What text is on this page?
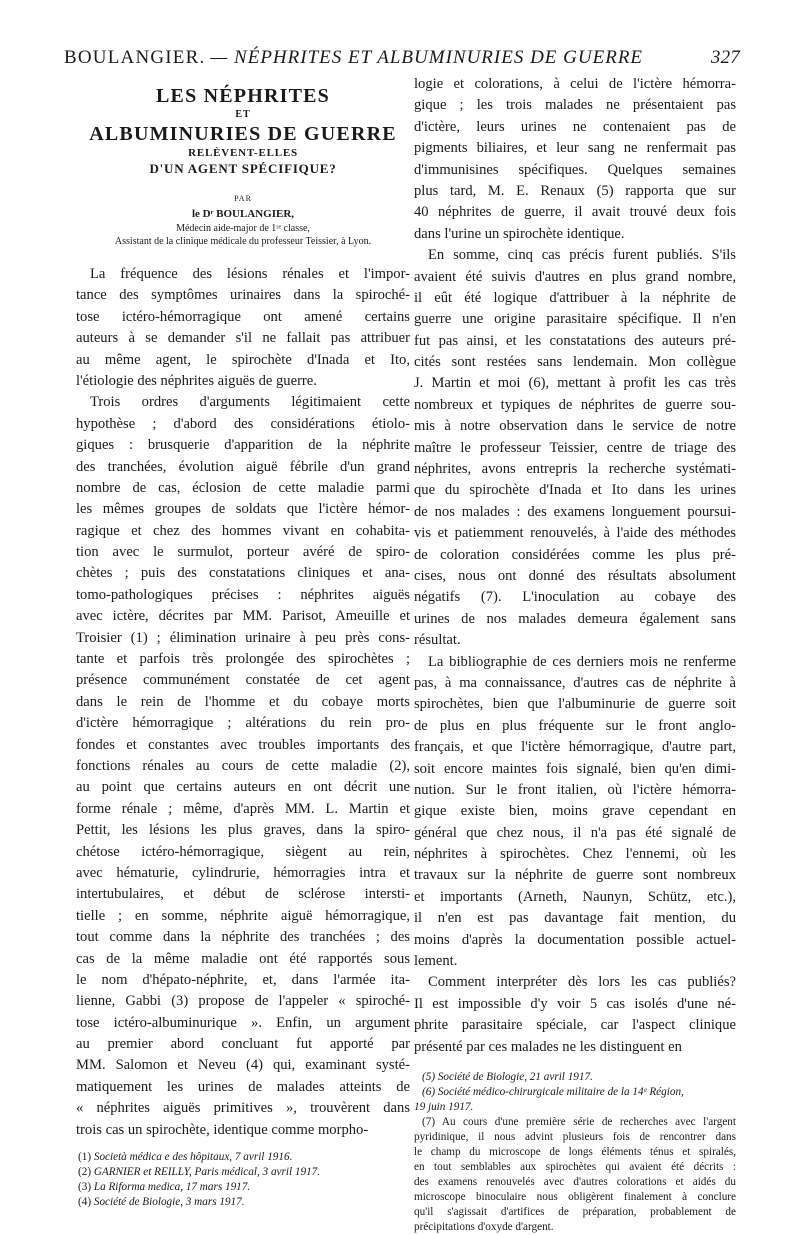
BOULANGIER. — NÉPHRITES ET ALBUMINURIES DE GUERRE	327
LES NÉPHRITES
ET
ALBUMINURIES DE GUERRE
RELÈVENT-ELLES
D'UN AGENT SPÉCIFIQUE?
PAR
le Dʳ BOULANGIER,
Médecin aide-major de 1ʳᵉ classe,
Assistant de la clinique médicale du professeur Teissier, à Lyon.
La fréquence des lésions rénales et l'impor-
tance des symptômes urinaires dans la spiroché-
tose ictéro-hémorragique ont amené certains
auteurs à se demander s'il ne fallait pas attribuer
au même agent, le spirochète d'Inada et Ito,
l'étiologie des néphrites aiguës de guerre.
Trois ordres d'arguments légitimaient cette
hypothèse ; d'abord des considérations étiolo-
giques : brusquerie d'apparition de la néphrite
des tranchées, évolution aiguë fébrile d'un grand
nombre de cas, éclosion de cette maladie parmi
les mêmes groupes de soldats que l'ictère hémor-
ragique et chez des hommes vivant en cohabita-
tion avec le surmulot, porteur avéré de spiro-
chètes ; puis des constatations cliniques et ana-
tomo-pathologiques précises : néphrites aiguës
avec ictère, décrites par MM. Parisot, Ameuille et
Troisier (1) ; élimination urinaire à peu près cons-
tante et parfois très prolongée des spirochètes ;
présence communément constatée de cet agent
dans le rein de l'homme et du cobaye morts
d'ictère hémorragique ; altérations du rein pro-
fondes et constantes avec troubles importants des
fonctions rénales au cours de cette maladie (2),
au point que certains auteurs en ont décrit une
forme rénale ; même, d'après MM. L. Martin et
Pettit, les lésions les plus graves, dans la spiro-
chétose ictéro-hémorragique, siègent au rein,
avec hématurie, cylindrurie, hémorragies intra et
intertubulaires, et début de sclérose intersti-
tielle ; en somme, néphrite aiguë hémorragique,
tout comme dans la néphrite des tranchées ; des
cas de la même maladie ont été rapportés sous
le nom d'hépato-néphrite, et, dans l'armée ita-
lienne, Gabbi (3) propose de l'appeler « spiroché-
tose ictéro-albuminurique ». Enfin, un argument
au premier abord concluant fut apporté par
MM. Salomon et Neveu (4) qui, examinant systé-
matiquement les urines de malades atteints de
« néphrites aiguës primitives », trouvèrent dans
trois cas un spirochète, identique comme morpho-
(1) Società médica e des hôpitaux, 7 avril 1916.
(2) GARNIER et REILLY, Paris médical, 3 avril 1917.
(3) La Riforma medica, 17 mars 1917.
(4) Société de Biologie, 3 mars 1917.
logie et colorations, à celui de l'ictère hémorra-
gique ; les trois malades ne présentaient pas
d'ictère, leurs urines ne contenaient pas de
pigments biliaires, et leur sang ne renfermait pas
d'immunisines spécifiques. Quelques semaines
plus tard, M. E. Renaux (5) rapporta que sur
40 néphrites de guerre, il avait trouvé deux fois
dans l'urine un spirochète identique.
En somme, cinq cas précis furent publiés. S'ils
avaient été suivis d'autres en plus grand nombre,
il eût été logique d'attribuer à la néphrite de
guerre une origine parasitaire spécifique. Il n'en
fut pas ainsi, et les constatations des auteurs pré-
cités sont restées sans lendemain. Mon collègue
J. Martin et moi (6), mettant à profit les cas très
nombreux et typiques de néphrites de guerre sou-
mis à notre observation dans le service de notre
maître le professeur Teissier, centre de triage des
néphrites, avons entrepris la recherche systémati-
que du spirochète d'Inada et Ito dans les urines
de nos malades : des examens longuement poursui-
vis et patiemment renouvelés, à l'aide des méthodes
de coloration considérées comme les plus pré-
cises, nous ont donné des résultats absolument
négatifs (7). L'inoculation au cobaye des
urines de nos malades demeura également sans
résultat.
La bibliographie de ces derniers mois ne renferme
pas, à ma connaissance, d'autres cas de néphrite à
spirochètes, bien que l'albuminurie de guerre soit
de plus en plus fréquente sur le front anglo-
français, et que l'ictère hémorragique, d'autre part,
soit encore maintes fois signalé, bien qu'en dimi-
nution. Sur le front italien, où l'ictère hémorra-
gique existe bien, moins grave cependant en
général que chez nous, il n'a pas été signalé de
néphrites à spirochètes. Chez l'ennemi, où les
travaux sur la néphrite de guerre sont nombreux
et importants (Arneth, Naunyn, Schütz, etc.),
il n'en est pas davantage fait mention, du
moins d'après la documentation possible actuel-
lement.
Comment interpréter dès lors les cas publiés?
Il est impossible d'y voir 5 cas isolés d'une né-
phrite parasitaire spéciale, car l'aspect clinique
présenté par ces malades ne les distinguent en
(5) Société de Biologie, 21 avril 1917.
(6) Société médico-chirurgicale militaire de la 14ᵉ Région,
19 juin 1917.
(7) Au cours d'une première série de recherches avec l'argent
pyridinique, il nous advint plusieurs fois de rencontrer dans
le champ du microscope de longs éléments ténus et spiralés,
en tout semblables aux spirochètes qui avaient été décrits :
des examens renouvelés avec d'autres colorations et aidés du
microscope binoculaire nous obligèrent finalement à conclure
qu'il s'agissait d'artifices de préparation, probablement de
précipitations d'oxyde d'argent.
